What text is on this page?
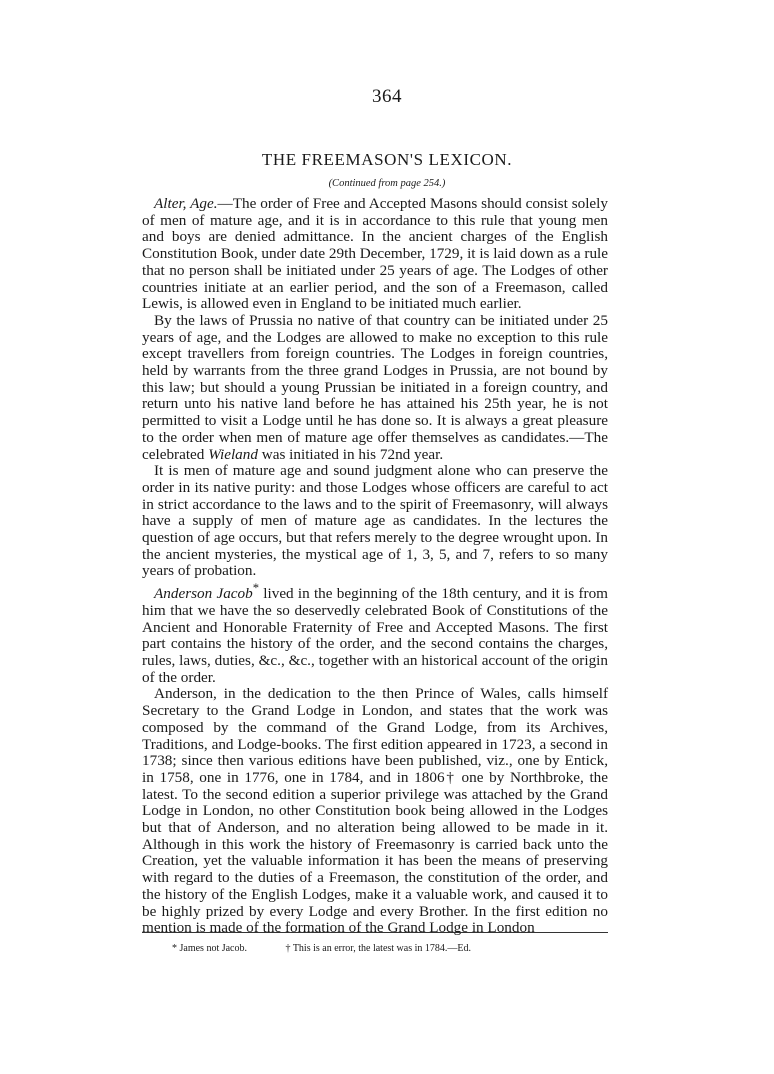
364
THE FREEMASON'S LEXICON.
(Continued from page 254.)

Alter, Age.—The order of Free and Accepted Masons should consist solely of men of mature age, and it is in accordance to this rule that young men and boys are denied admittance. In the ancient charges of the English Constitution Book, under date 29th December, 1729, it is laid down as a rule that no person shall be initiated under 25 years of age. The Lodges of other countries initiate at an earlier period, and the son of a Freemason, called Lewis, is allowed even in England to be initiated much earlier.

By the laws of Prussia no native of that country can be initiated under 25 years of age, and the Lodges are allowed to make no exception to this rule except travellers from foreign countries. The Lodges in foreign countries, held by warrants from the three grand Lodges in Prussia, are not bound by this law; but should a young Prussian be initiated in a foreign country, and return unto his native land before he has attained his 25th year, he is not permitted to visit a Lodge until he has done so. It is always a great pleasure to the order when men of mature age offer themselves as candidates.—The celebrated Wieland was initiated in his 72nd year.

It is men of mature age and sound judgment alone who can preserve the order in its native purity: and those Lodges whose officers are careful to act in strict accordance to the laws and to the spirit of Freemasonry, will always have a supply of men of mature age as candidates. In the lectures the question of age occurs, but that refers merely to the degree wrought upon. In the ancient mysteries, the mystical age of 1, 3, 5, and 7, refers to so many years of probation.

Anderson Jacob* lived in the beginning of the 18th century, and it is from him that we have the so deservedly celebrated Book of Constitutions of the Ancient and Honorable Fraternity of Free and Accepted Masons. The first part contains the history of the order, and the second contains the charges, rules, laws, duties, &c., &c., together with an historical account of the origin of the order.

Anderson, in the dedication to the then Prince of Wales, calls himself Secretary to the Grand Lodge in London, and states that the work was composed by the command of the Grand Lodge, from its Archives, Traditions, and Lodge-books. The first edition appeared in 1723, a second in 1738; since then various editions have been published, viz., one by Entick, in 1758, one in 1776, one in 1784, and in 1806† one by Northbroke, the latest. To the second edition a superior privilege was attached by the Grand Lodge in London, no other Constitution book being allowed in the Lodges but that of Anderson, and no alteration being allowed to be made in it. Although in this work the history of Freemasonry is carried back unto the Creation, yet the valuable information it has been the means of preserving with regard to the duties of a Freemason, the constitution of the order, and the history of the English Lodges, make it a valuable work, and caused it to be highly prized by every Lodge and every Brother. In the first edition no mention is made of the formation of the Grand Lodge in London

* James not Jacob.	† This is an error, the latest was in 1784.—Ed.
